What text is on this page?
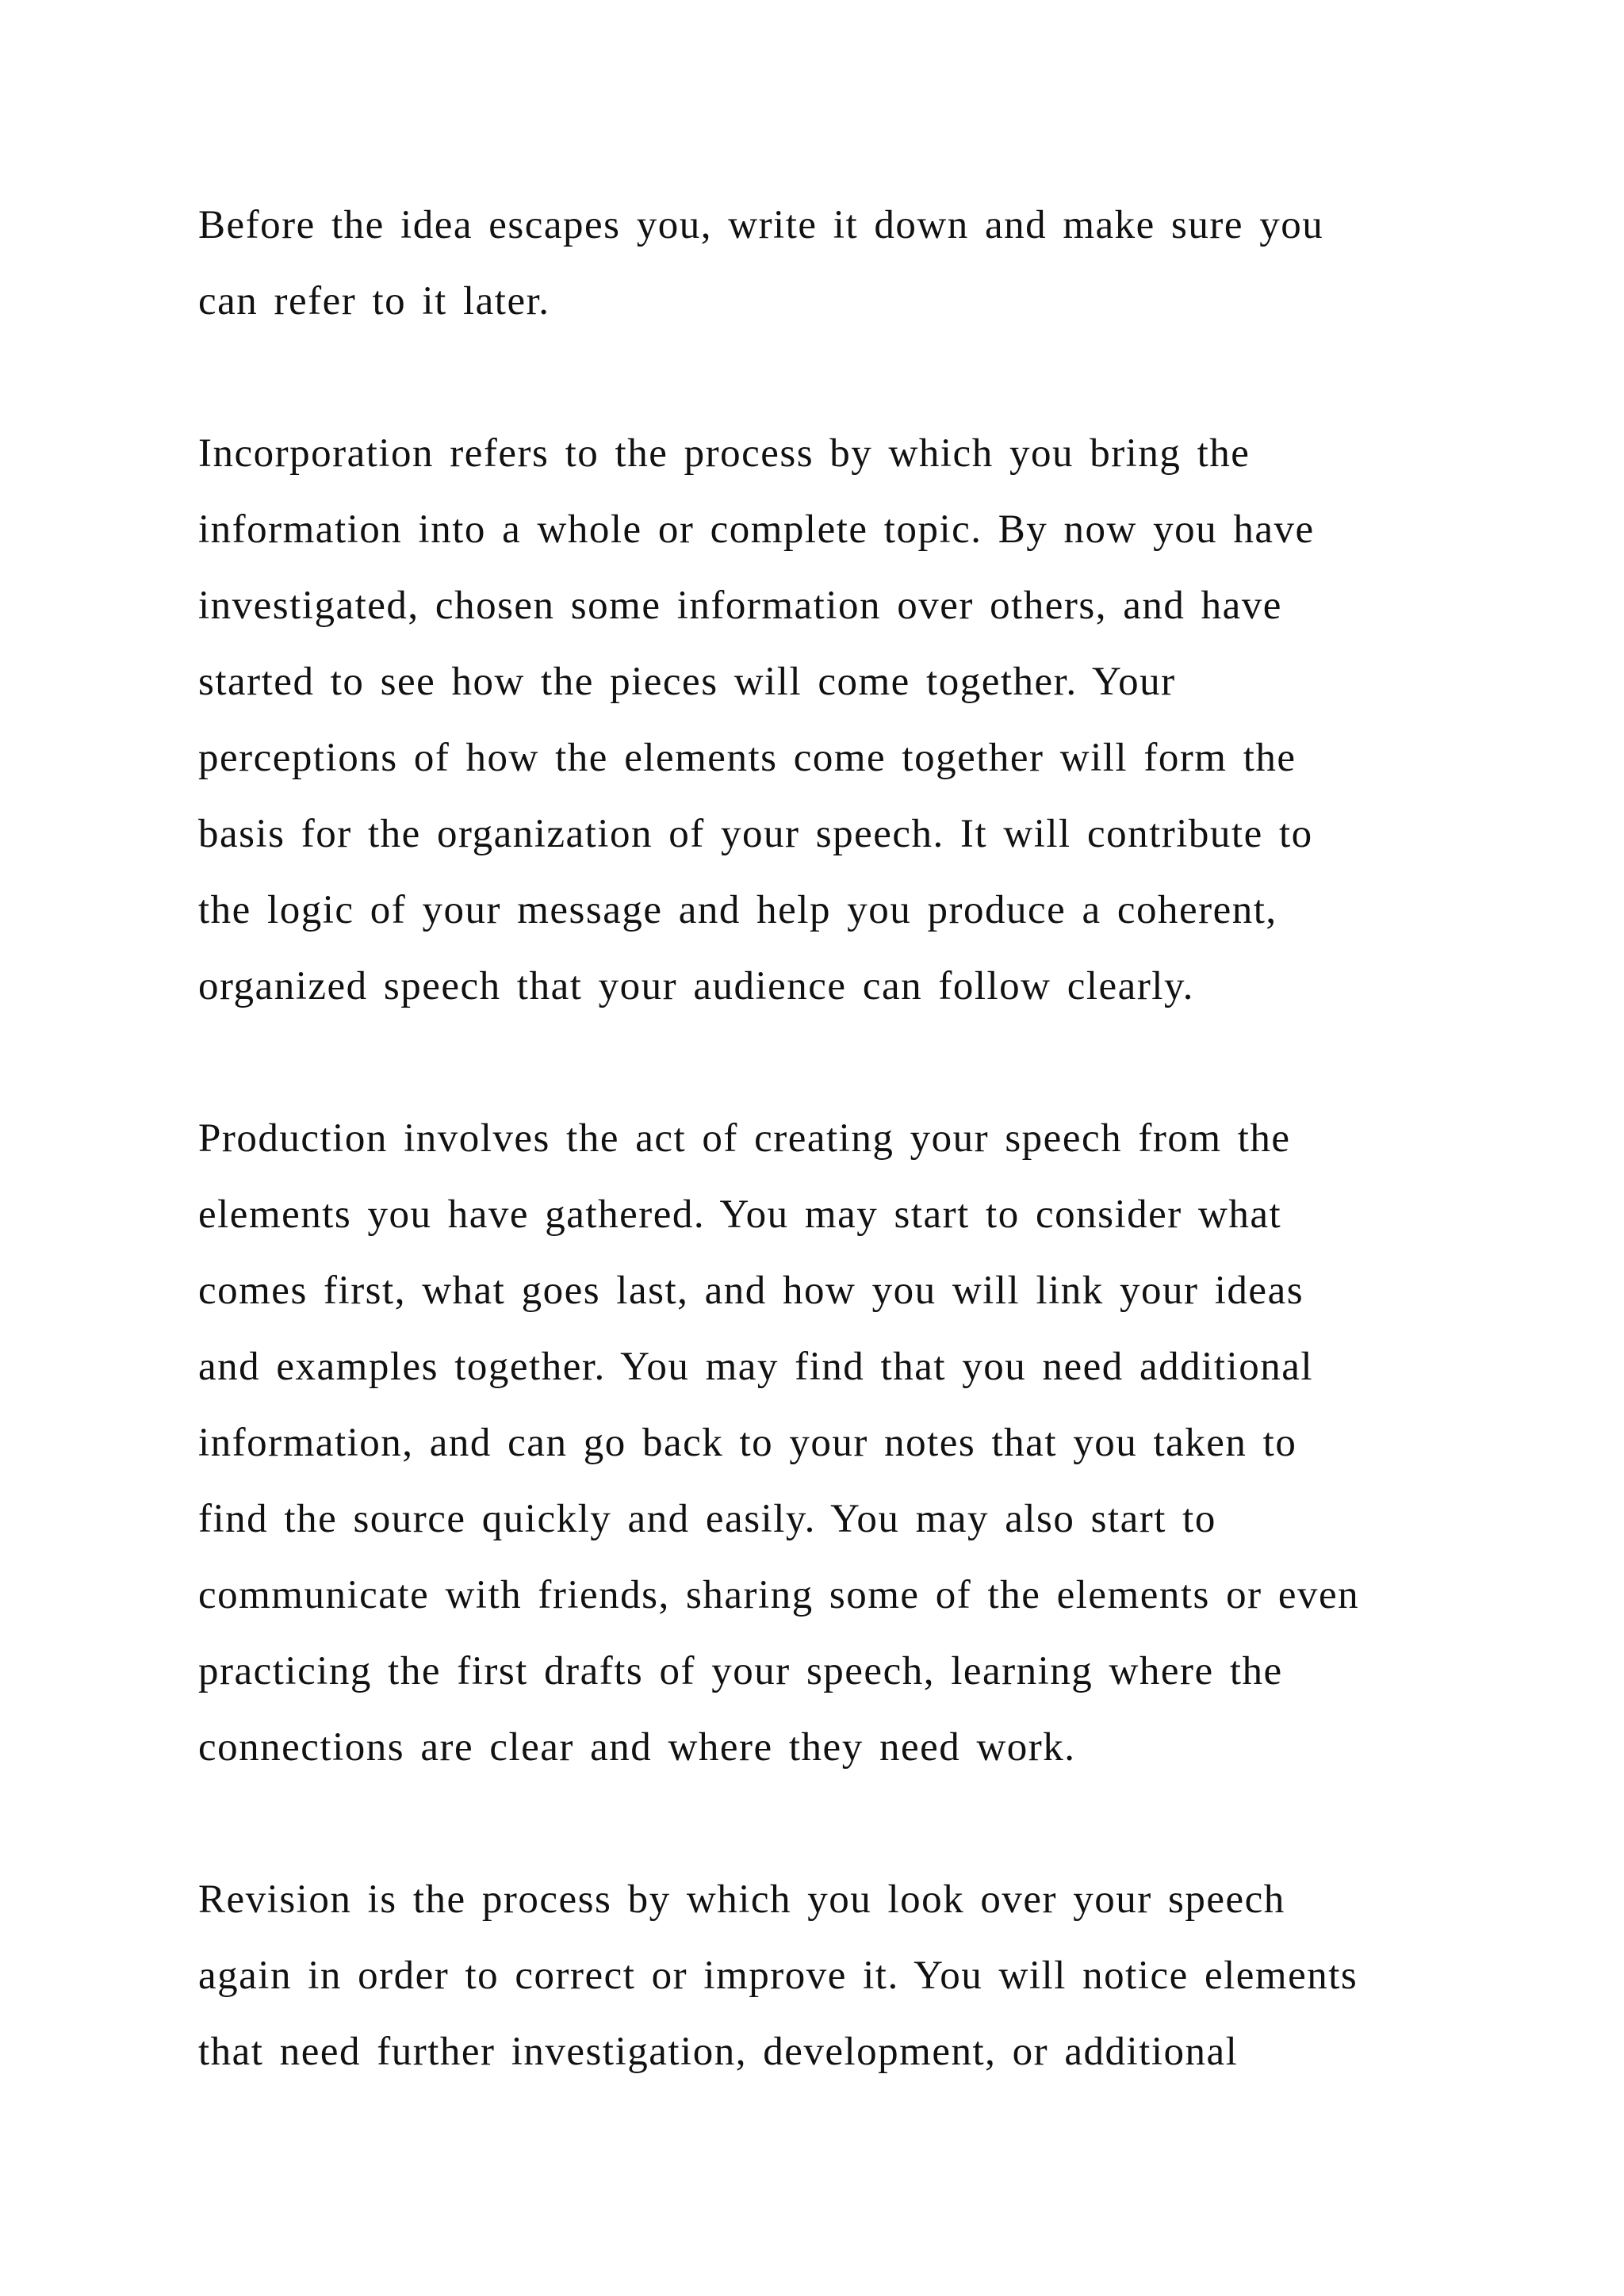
Before the idea escapes you, write it down and make sure you
can refer to it later.

Incorporation refers to the process by which you bring the
information into a whole or complete topic. By now you have
investigated, chosen some information over others, and have
started to see how the pieces will come together. Your
perceptions of how the elements come together will form the
basis for the organization of your speech. It will contribute to
the logic of your message and help you produce a coherent,
organized speech that your audience can follow clearly.

Production involves the act of creating your speech from the
elements you have gathered. You may start to consider what
comes first, what goes last, and how you will link your ideas
and examples together. You may find that you need additional
information, and can go back to your notes that you taken to
find the source quickly and easily. You may also start to
communicate with friends, sharing some of the elements or even
practicing the first drafts of your speech, learning where the
connections are clear and where they need work.

Revision is the process by which you look over your speech
again in order to correct or improve it. You will notice elements
that need further investigation, development, or additional
